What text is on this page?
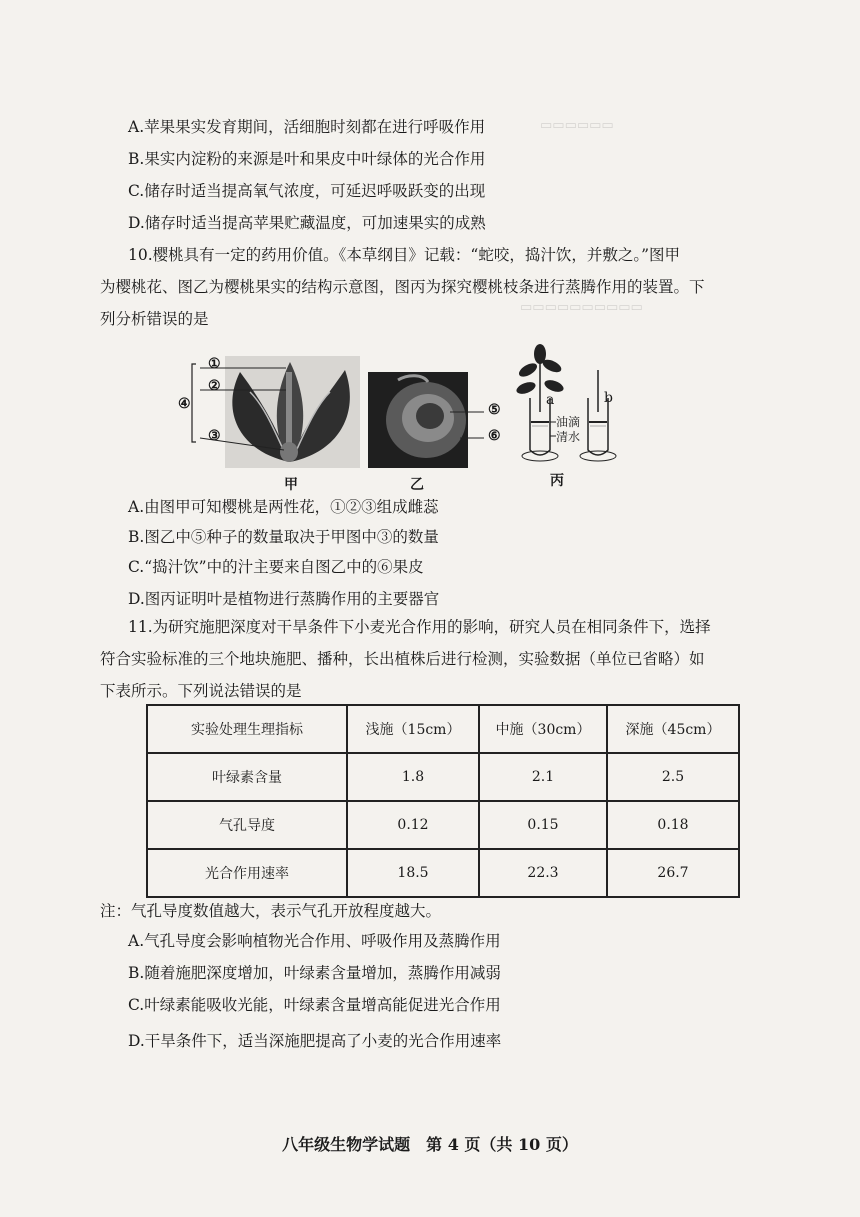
▭▭▭▭▭▭
▭▭▭▭▭▭▭▭▭▭
A.苹果果实发育期间，活细胞时刻都在进行呼吸作用
B.果实内淀粉的来源是叶和果皮中叶绿体的光合作用
C.储存时适当提高氧气浓度，可延迟呼吸跃变的出现
D.储存时适当提高苹果贮藏温度，可加速果实的成熟
10.樱桃具有一定的药用价值。《本草纲目》记载：“蛇咬，捣汁饮，并敷之。”图甲
为樱桃花、图乙为樱桃果实的结构示意图，图丙为探究樱桃枝条进行蒸腾作用的装置。下
列分析错误的是
①
②
③
④
甲
⑤
⑥
乙
a	b
油滴
清水
丙
A.由图甲可知樱桃是两性花，①②③组成雌蕊
B.图乙中⑤种子的数量取决于甲图中③的数量
C.“捣汁饮”中的汁主要来自图乙中的⑥果皮
D.图丙证明叶是植物进行蒸腾作用的主要器官
11.为研究施肥深度对干旱条件下小麦光合作用的影响，研究人员在相同条件下，选择
符合实验标准的三个地块施肥、播种，长出植株后进行检测，实验数据（单位已省略）如
下表所示。下列说法错误的是
实验处理生理指标	浅施（15cm）	中施（30cm）	深施（45cm）
叶绿素含量	1.8	2.1	2.5
气孔导度	0.12	0.15	0.18
光合作用速率	18.5	22.3	26.7
注：气孔导度数值越大，表示气孔开放程度越大。
A.气孔导度会影响植物光合作用、呼吸作用及蒸腾作用
B.随着施肥深度增加，叶绿素含量增加，蒸腾作用减弱
C.叶绿素能吸收光能，叶绿素含量增高能促进光合作用
D.干旱条件下，适当深施肥提高了小麦的光合作用速率
八年级生物学试题　第 4 页（共 10 页）
